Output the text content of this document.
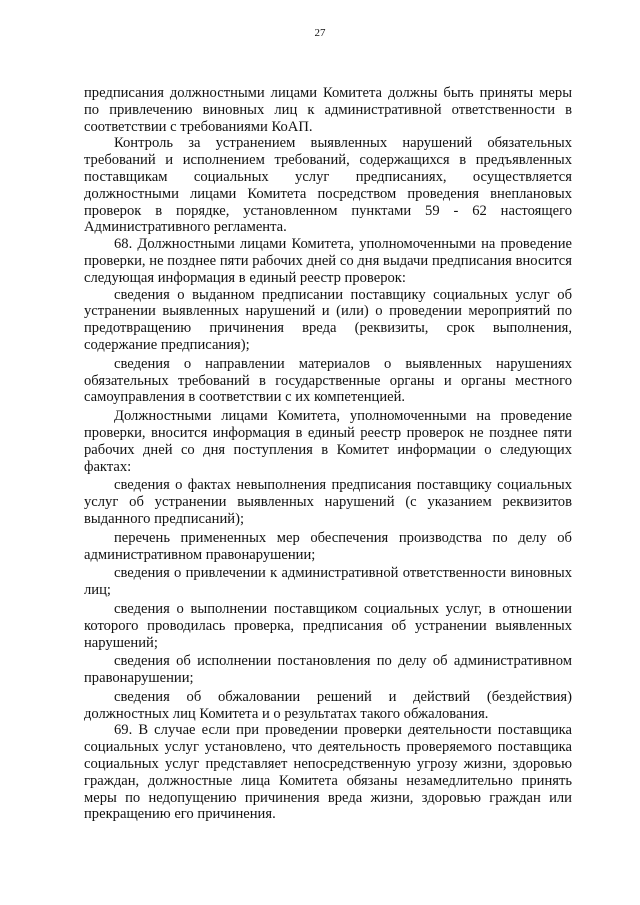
27

предписания должностными лицами Комитета должны быть приняты меры по привлечению виновных лиц к административной ответственности в соответствии с требованиями КоАП.

Контроль за устранением выявленных нарушений обязательных требований и исполнением требований, содержащихся в предъявленных поставщикам социальных услуг предписаниях, осуществляется должностными лицами Комитета посредством проведения внеплановых проверок в порядке, установленном пунктами 59 - 62 настоящего Административного регламента.

68. Должностными лицами Комитета, уполномоченными на проведение проверки, не позднее пяти рабочих дней со дня выдачи предписания вносится следующая информация в единый реестр проверок:

сведения о выданном предписании поставщику социальных услуг об устранении выявленных нарушений и (или) о проведении мероприятий по предотвращению причинения вреда (реквизиты, срок выполнения, содержание предписания);

сведения о направлении материалов о выявленных нарушениях обязательных требований в государственные органы и органы местного самоуправления в соответствии с их компетенцией.

Должностными лицами Комитета, уполномоченными на проведение проверки, вносится информация в единый реестр проверок не позднее пяти рабочих дней со дня поступления в Комитет информации о следующих фактах:

сведения о фактах невыполнения предписания поставщику социальных услуг об устранении выявленных нарушений (с указанием реквизитов выданного предписаний);

перечень примененных мер обеспечения производства по делу об административном правонарушении;

сведения о привлечении к административной ответственности виновных лиц;

сведения о выполнении поставщиком социальных услуг, в отношении которого проводилась проверка, предписания об устранении выявленных нарушений;

сведения об исполнении постановления по делу об административном правонарушении;

сведения об обжаловании решений и действий (бездействия) должностных лиц Комитета и о результатах такого обжалования.

69. В случае если при проведении проверки деятельности поставщика социальных услуг установлено, что деятельность проверяемого поставщика социальных услуг представляет непосредственную угрозу жизни, здоровью граждан, должностные лица Комитета обязаны незамедлительно принять меры по недопущению причинения вреда жизни, здоровью граждан или прекращению его причинения.
